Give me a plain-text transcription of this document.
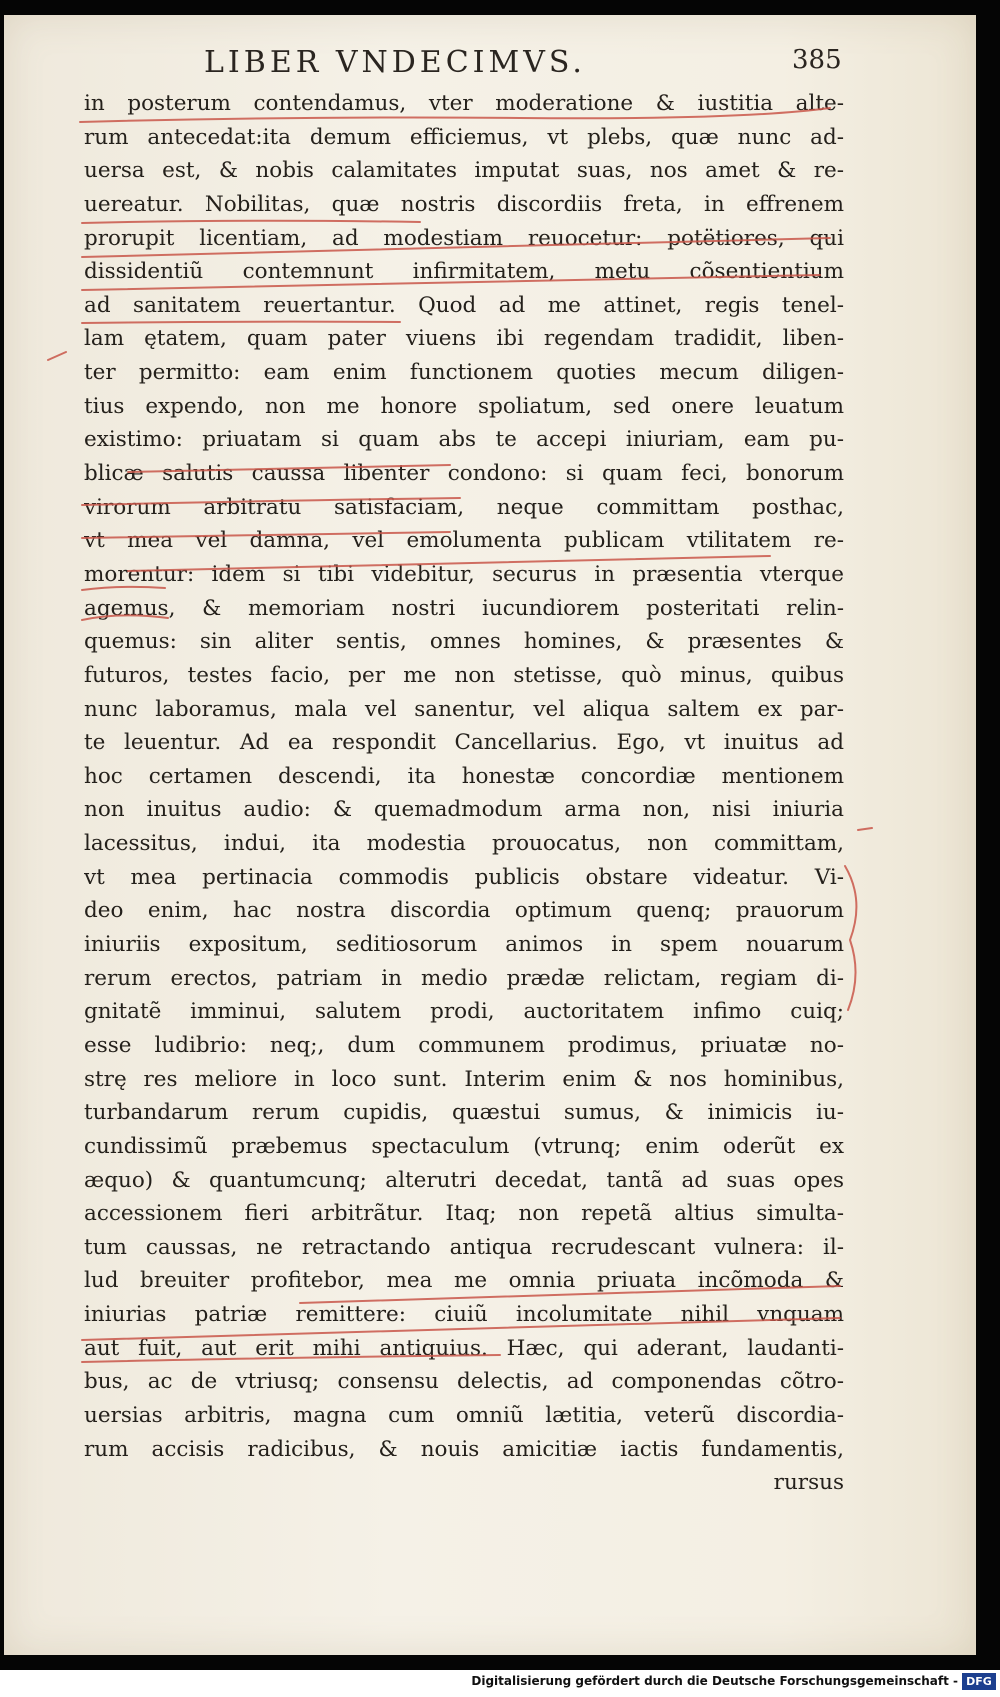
LIBER VNDECIMVS.	385
in posterum contendamus, vter moderatione & iustitia alte-
rum antecedat:ita demum efficiemus, vt plebs, quæ nunc ad-
uersa est, & nobis calamitates imputat suas, nos amet & re-
uereatur. Nobilitas, quæ nostris discordiis freta, in effrenem
prorupit licentiam, ad modestiam reuocetur: potëtiores, qui
dissidentiũ contemnunt infirmitatem, metu cõsentientium
ad sanitatem reuertantur. Quod ad me attinet, regis tenel-
lam ętatem, quam pater viuens ibi regendam tradidit, liben-
ter permitto: eam enim functionem quoties mecum diligen-
tius expendo, non me honore spoliatum, sed onere leuatum
existimo: priuatam si quam abs te accepi iniuriam, eam pu-
blicæ salutis caussa libenter condono: si quam feci, bonorum
virorum arbitratu satisfaciam, neque committam posthac,
vt mea vel damna, vel emolumenta publicam vtilitatem re-
morentur: idem si tibi videbitur, securus in præsentia vterque
agemus, & memoriam nostri iucundiorem posteritati relin-
quemus: sin aliter sentis, omnes homines, & præsentes &
futuros, testes facio, per me non stetisse, quò minus, quibus
nunc laboramus, mala vel sanentur, vel aliqua saltem ex par-
te leuentur. Ad ea respondit Cancellarius. Ego, vt inuitus ad
hoc certamen descendi, ita honestæ concordiæ mentionem
non inuitus audio: & quemadmodum arma non, nisi iniuria
lacessitus, indui, ita modestia prouocatus, non committam,
vt mea pertinacia commodis publicis obstare videatur. Vi-
deo enim, hac nostra discordia optimum quenq; prauorum
iniuriis expositum, seditiosorum animos in spem nouarum
rerum erectos, patriam in medio prædæ relictam, regiam di-
gnitatẽ imminui, salutem prodi, auctoritatem infimo cuiq;
esse ludibrio: neq;, dum communem prodimus, priuatæ no-
strę res meliore in loco sunt. Interim enim & nos hominibus,
turbandarum rerum cupidis, quæstui sumus, & inimicis iu-
cundissimũ præbemus spectaculum (vtrunq; enim oderũt ex
æquo) & quantumcunq; alterutri decedat, tantã ad suas opes
accessionem fieri arbitrãtur. Itaq; non repetã altius simulta-
tum caussas, ne retractando antiqua recrudescant vulnera: il-
lud breuiter profitebor, mea me omnia priuata incõmoda &
iniurias patriæ remittere: ciuiũ incolumitate nihil vnquam
aut fuit, aut erit mihi antiquius. Hæc, qui aderant, laudanti-
bus, ac de vtriusq; consensu delectis, ad componendas cõtro-
uersias arbitris, magna cum omniũ lætitia, veterũ discordia-
rum accisis radicibus, & nouis amicitiæ iactis fundamentis,
rursus
Digitalisierung gefördert durch die Deutsche Forschungsgemeinschaft - DFG
